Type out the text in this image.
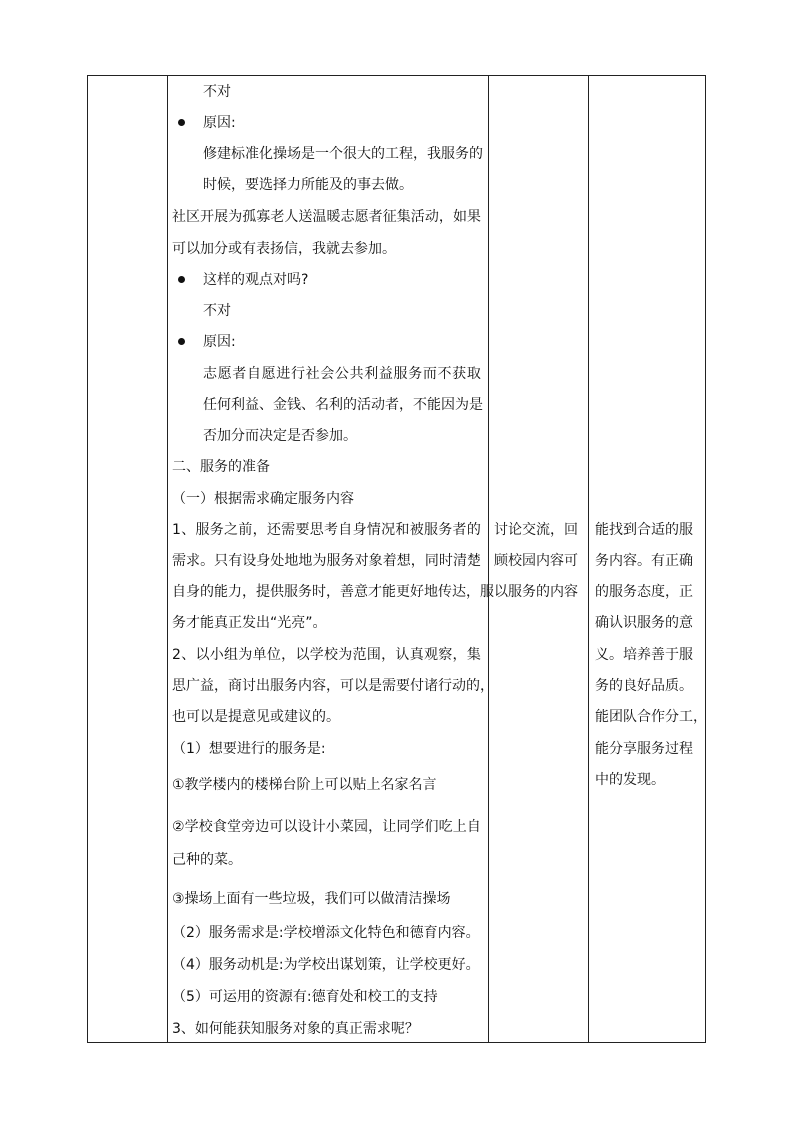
不对
原因:
修 建 标 准 化 操 场 是 一 个 很 大 的 工 程 ， 我 服 务 的
时候，要选择力所能及的事去做。
社 区 开 展 为 孤 寡 老 人 送 温 暖 志 愿 者 征 集 活 动 ， 如 果
可以加分或有表扬信，我就去参加。
这样的观点对吗?
不对
原因:
志 愿 者 自 愿 进 行 社 会 公 共 利 益 服 务 而 不 获 取
任 何 利 益 、 金 钱 、 名 利 的 活 动 者 ， 不 能 因 为 是
否加分而决定是否参加。
二、服务的准备
（一）根据需求确定服务内容
1 、 服 务 之 前 ， 还 需 要 思 考 自 身 情 况 和 被 服 务 者 的
需 求 。 只 有 设 身 处 地 地 为 服 务 对 象 着 想 ， 同 时 清 楚
自 身 的 能 力 ， 提 供 服 务 时 ， 善 意 才 能 更 好 地 传 达 ， 服
务才能真正发出“光亮”。
2 、 以 小 组 为 单 位 ， 以 学 校 为 范 围 ， 认 真 观 察 ， 集
思 广 益 ， 商 讨 出 服 务 内 容 ， 可 以 是 需 要 付 诸 行 动 的 ，
也可以是提意见或建议的。
（1）想要进行的服务是:
①教学楼内的楼梯台阶上可以贴上名家名言
② 学 校 食 堂 旁 边 可 以 设 计 小 菜 园 ， 让 同 学 们 吃 上 自
己种的菜。
③操场上面有一些垃圾，我们可以做清洁操场
（2）服务需求是:学校增添文化特色和德育内容。
（4）服务动机是:为学校出谋划策，让学校更好。
（5）可运用的资源有:德育处和校工的支持
3、如何能获知服务对象的真正需求呢？
讨论交流，回
顾校园内容可
以服务的内容
能找到合适的服
务内容。有正确
的服务态度，正
确认识服务的意
义。培养善于服
务的良好品质。
能团队合作分工，
能分享服务过程
中的发现。
